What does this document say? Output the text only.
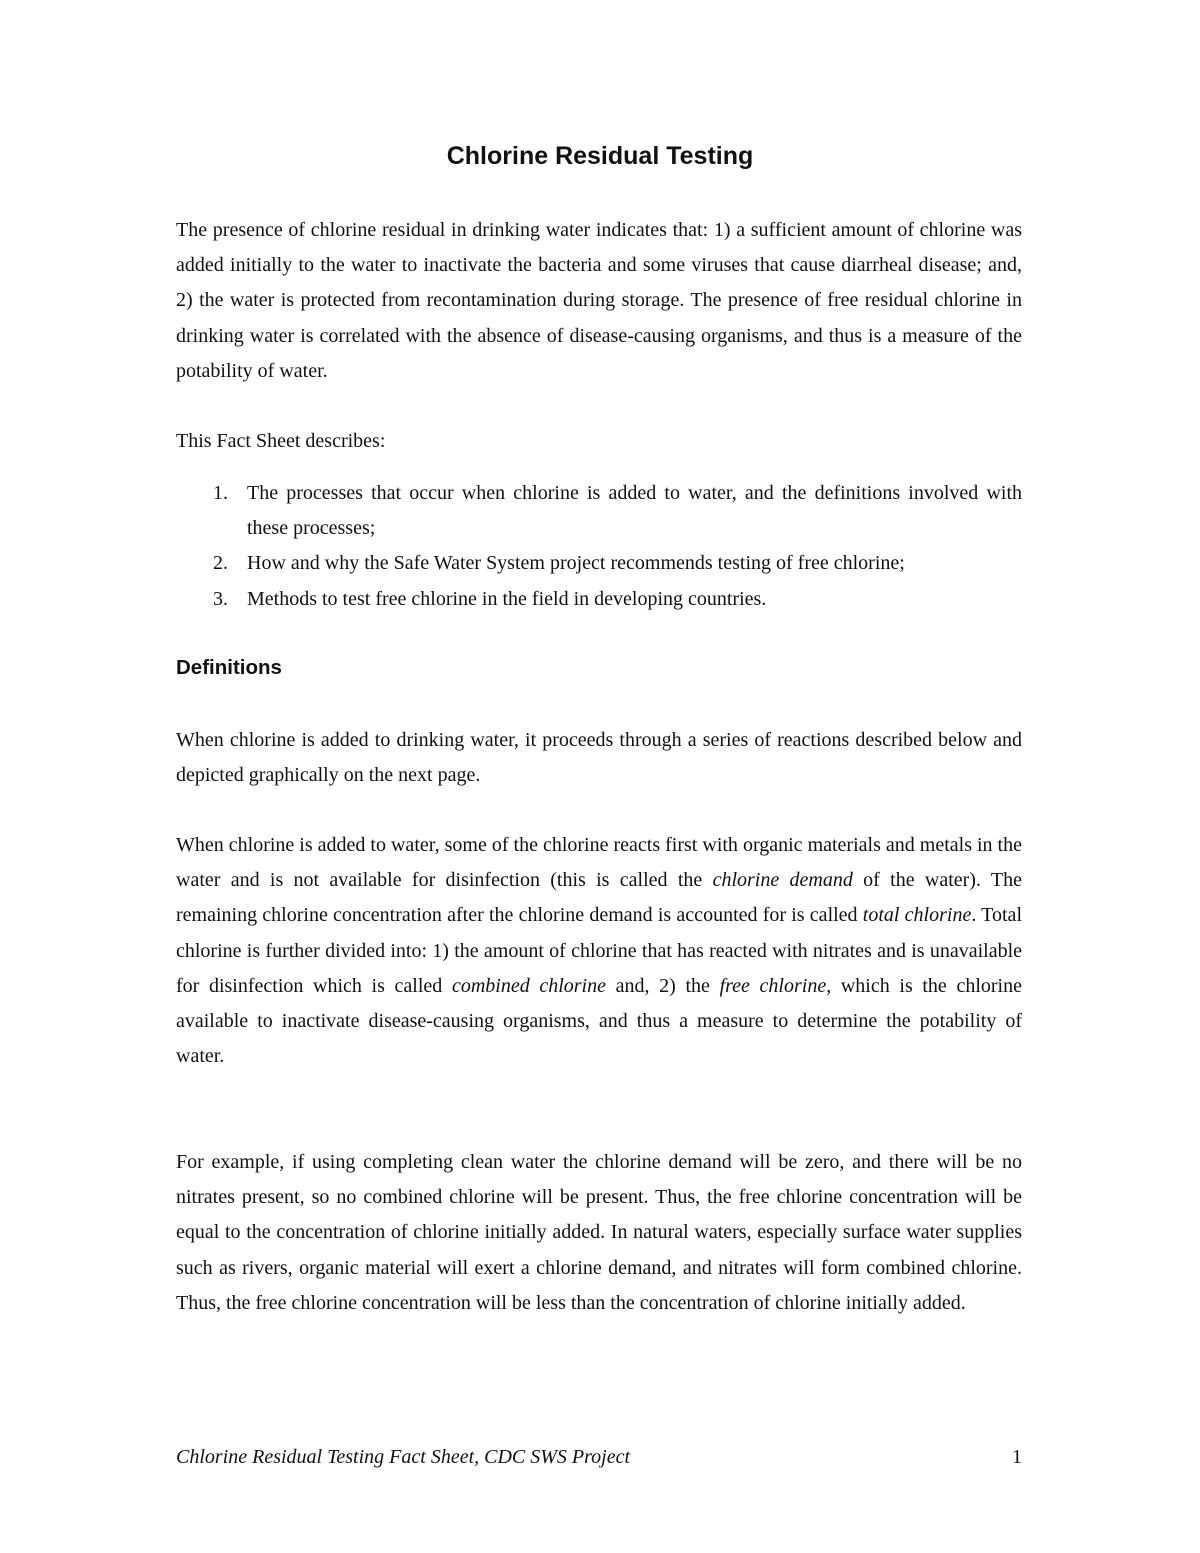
Chlorine Residual Testing

The presence of chlorine residual in drinking water indicates that: 1) a sufficient amount of chlorine was added initially to the water to inactivate the bacteria and some viruses that cause diarrheal disease; and, 2) the water is protected from recontamination during storage. The presence of free residual chlorine in drinking water is correlated with the absence of disease-causing organisms, and thus is a measure of the potability of water.

This Fact Sheet describes:

1. The processes that occur when chlorine is added to water, and the definitions involved with these processes;
2. How and why the Safe Water System project recommends testing of free chlorine;
3. Methods to test free chlorine in the field in developing countries.
Definitions

When chlorine is added to drinking water, it proceeds through a series of reactions described below and depicted graphically on the next page.

When chlorine is added to water, some of the chlorine reacts first with organic materials and metals in the water and is not available for disinfection (this is called the chlorine demand of the water). The remaining chlorine concentration after the chlorine demand is accounted for is called total chlorine. Total chlorine is further divided into: 1) the amount of chlorine that has reacted with nitrates and is unavailable for disinfection which is called combined chlorine and, 2) the free chlorine, which is the chlorine available to inactivate disease-causing organisms, and thus a measure to determine the potability of water.

For example, if using completing clean water the chlorine demand will be zero, and there will be no nitrates present, so no combined chlorine will be present. Thus, the free chlorine concentration will be equal to the concentration of chlorine initially added. In natural waters, especially surface water supplies such as rivers, organic material will exert a chlorine demand, and nitrates will form combined chlorine. Thus, the free chlorine concentration will be less than the concentration of chlorine initially added.

Chlorine Residual Testing Fact Sheet, CDC SWS Project	1
